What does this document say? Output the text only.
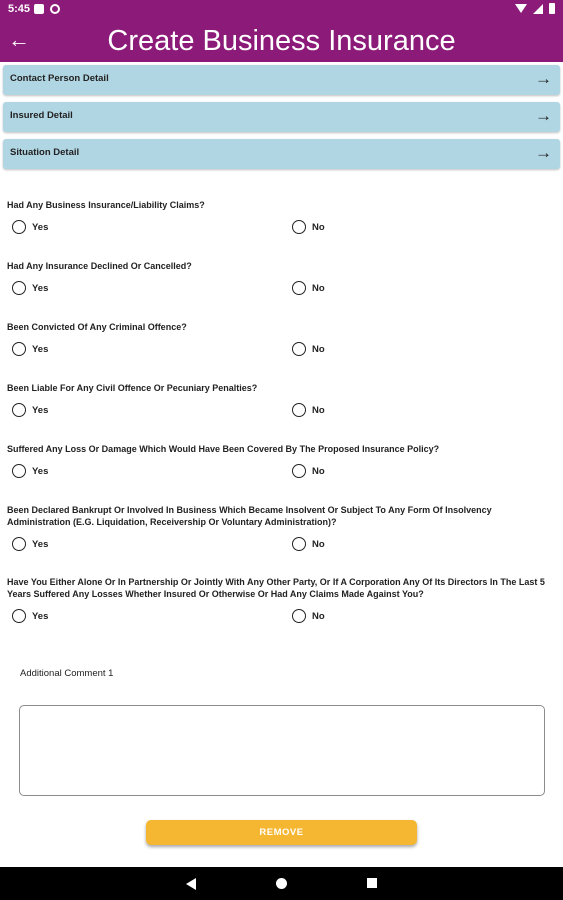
5:45
←	Create Business Insurance
Contact Person Detail	→
Insured Detail	→
Situation Detail	→
Had Any Business Insurance/Liability Claims?
Yes	No
Had Any Insurance Declined Or Cancelled?
Yes	No
Been Convicted Of Any Criminal Offence?
Yes	No
Been Liable For Any Civil Offence Or Pecuniary Penalties?
Yes	No
Suffered Any Loss Or Damage Which Would Have Been Covered By The Proposed Insurance Policy?
Yes	No
Been Declared Bankrupt Or Involved In Business Which Became Insolvent Or Subject To Any Form Of Insolvency Administration (E.G. Liquidation, Receivership Or Voluntary Administration)?
Yes	No
Have You Either Alone Or In Partnership Or Jointly With Any Other Party, Or If A Corporation Any Of Its Directors In The Last 5 Years Suffered Any Losses Whether Insured Or Otherwise Or Had Any Claims Made Against You?
Yes	No
Additional Comment 1
REMOVE
